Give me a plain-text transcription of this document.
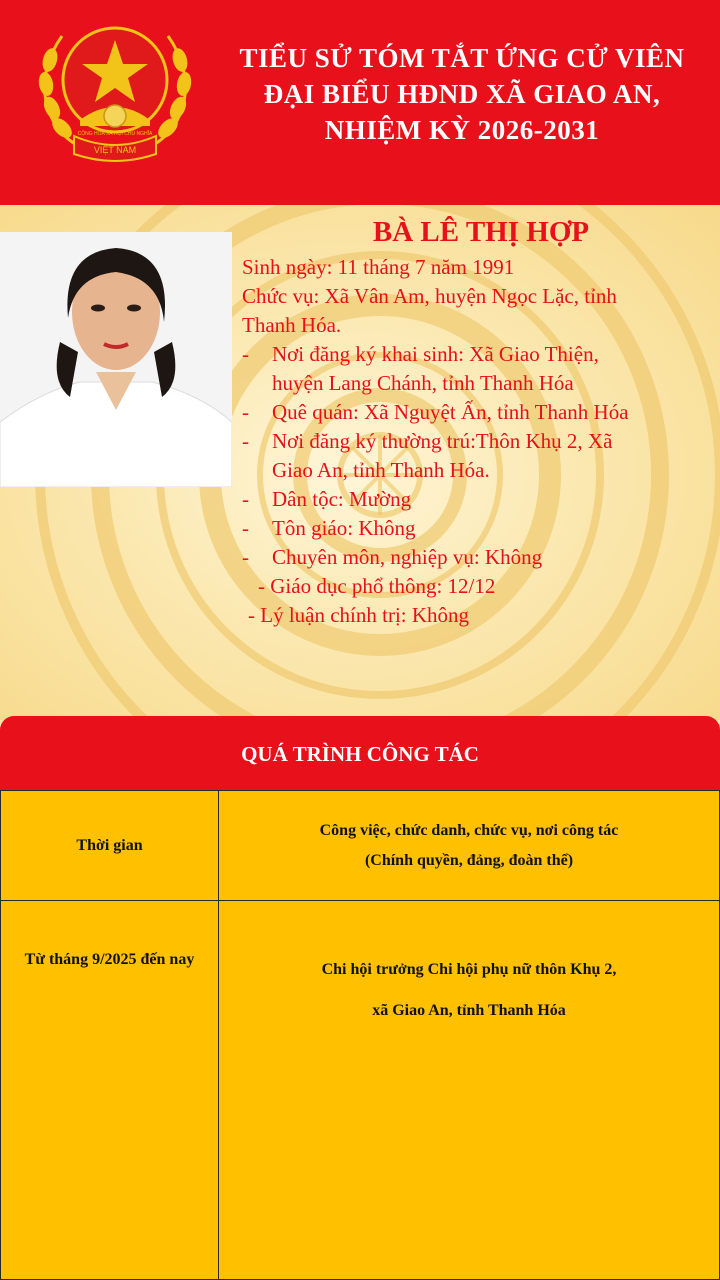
CỘNG HÒA XÃ HỘI CHỦ NGHĨA
VIỆT NAM
TIỂU SỬ TÓM TẮT ỨNG CỬ VIÊN
ĐẠI BIỂU HĐND XÃ GIAO AN,
NHIỆM KỲ 2026-2031
BÀ LÊ THỊ HỢP
Sinh ngày: 11 tháng 7 năm 1991
Chức vụ: Xã Vân Am, huyện Ngọc Lặc, tỉnh
Thanh Hóa.
-	Nơi đăng ký khai sinh: Xã Giao Thiện,
huyện Lang Chánh, tỉnh Thanh Hóa
-	Quê quán: Xã Nguyệt Ấn, tỉnh Thanh Hóa
-	Nơi đăng ký thường trú:Thôn Khụ 2, Xã
Giao An, tỉnh Thanh Hóa.
-	Dân tộc: Mường
-	Tôn giáo: Không
-	Chuyên môn, nghiệp vụ: Không
- Giáo dục phổ thông: 12/12
- Lý luận chính trị: Không
QUÁ TRÌNH CÔNG TÁC
Thời gian	Công việc, chức danh, chức vụ, nơi công tác
(Chính quyền, đảng, đoàn thể)

Từ tháng 9/2025 đến nay	Chi hội trưởng Chi hội phụ nữ thôn Khụ 2,
xã Giao An, tỉnh Thanh Hóa
